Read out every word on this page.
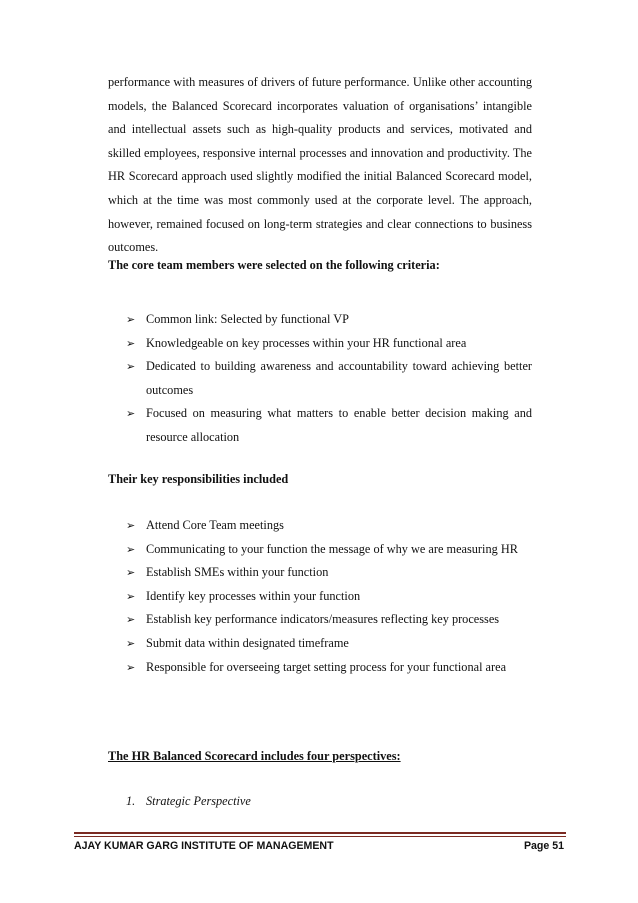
performance with measures of drivers of future performance. Unlike other accounting models, the Balanced Scorecard incorporates valuation of organisations’ intangible and intellectual assets such as high-quality products and services, motivated and skilled employees, responsive internal processes and innovation and productivity. The HR Scorecard approach used slightly modified the initial Balanced Scorecard model, which at the time was most commonly used at the corporate level. The approach, however, remained focused on long-term strategies and clear connections to business outcomes.

The core team members were selected on the following criteria:

➢ Common link: Selected by functional VP
➢ Knowledgeable on key processes within your HR functional area
➢ Dedicated to building awareness and accountability toward achieving better outcomes
➢ Focused on measuring what matters to enable better decision making and resource allocation

Their key responsibilities included

➢ Attend Core Team meetings
➢ Communicating to your function the message of why we are measuring HR
➢ Establish SMEs within your function
➢ Identify key processes within your function
➢ Establish key performance indicators/measures reflecting key processes
➢ Submit data within designated timeframe
➢ Responsible for overseeing target setting process for your functional area

The HR Balanced Scorecard includes four perspectives:

1. Strategic Perspective

AJAY KUMAR GARG INSTITUTE OF MANAGEMENT	Page 51
